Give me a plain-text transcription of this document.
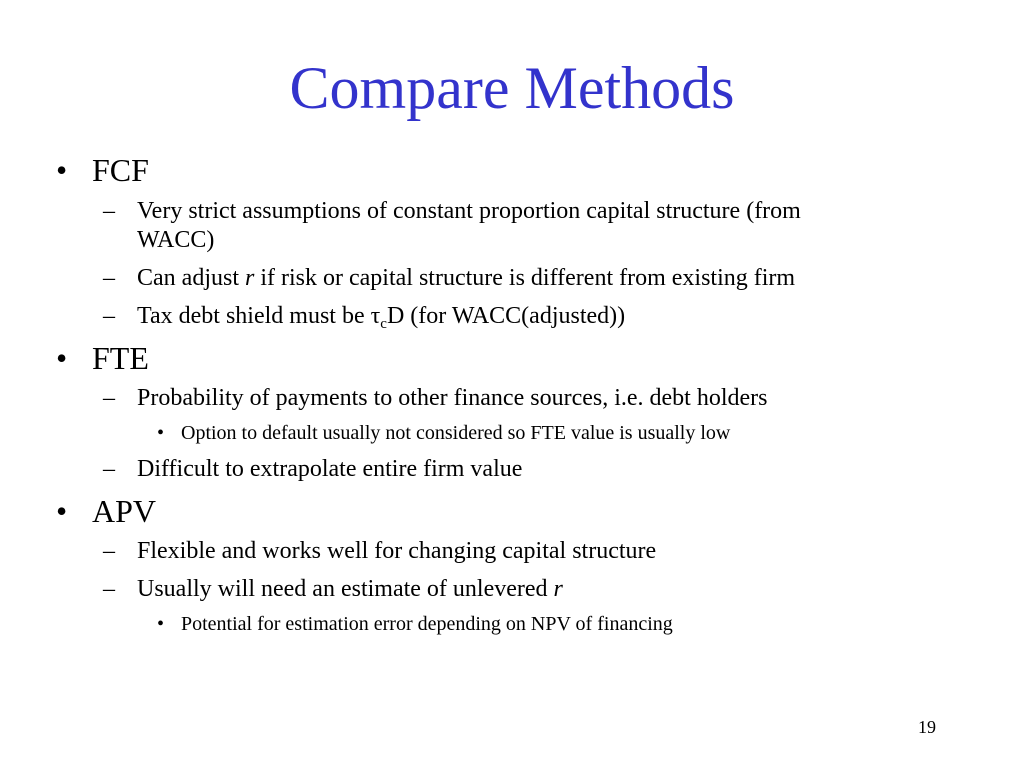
Compare Methods
• FCF
– Very strict assumptions of constant proportion capital structure (from
WACC)
– Can adjust r if risk or capital structure is different from existing firm
– Tax debt shield must be $\tau_cD$ (for WACC(adjusted))
• FTE
– Probability of payments to other finance sources, i.e. debt holders
• Option to default usually not considered so FTE value is usually low
– Difficult to extrapolate entire firm value
• APV
– Flexible and works well for changing capital structure
– Usually will need an estimate of unlevered r
• Potential for estimation error depending on NPV of financing
19
